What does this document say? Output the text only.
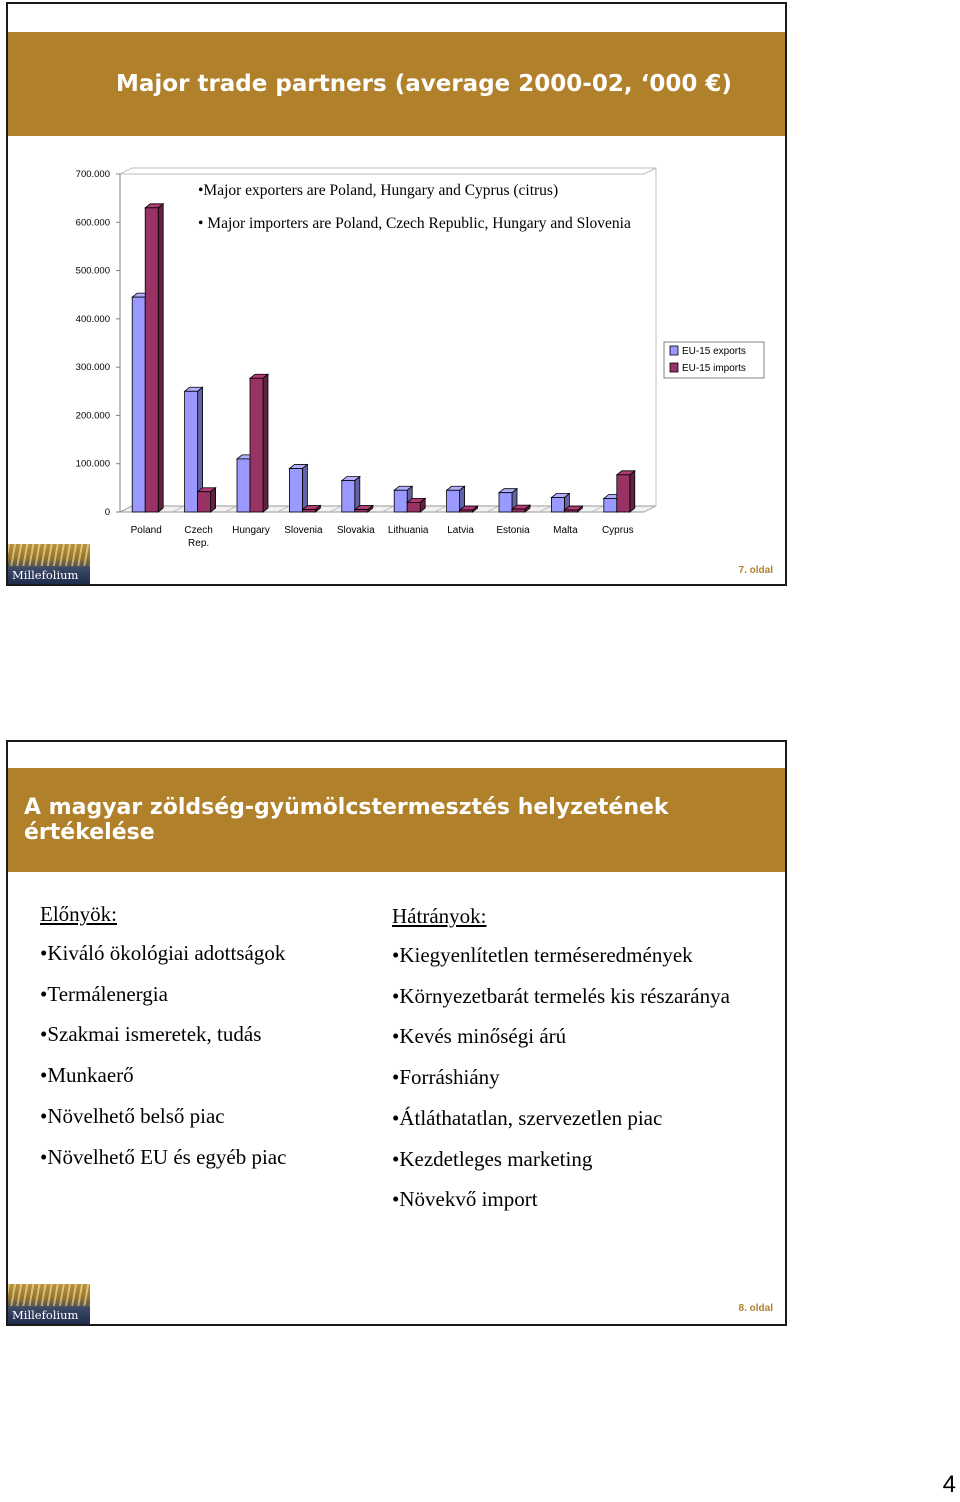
Major trade partners (average 2000-02, ‘000 €)
0
100.000
200.000
300.000
400.000
500.000
600.000
700.000
Poland Czech
Rep.
Hungary Slovenia Slovakia Lithuania Latvia Estonia Malta Cyprus
EU-15 exports
EU-15 imports
•Major exporters are Poland, Hungary and Cyprus (citrus)
• Major importers are Poland, Czech Republic, Hungary and Slovenia
Millefolium	7. oldal
A magyar zöldség-gyümölcstermesztés helyzetének értékelése
Előnyök:
•Kiváló ökológiai adottságok
•Termálenergia
•Szakmai ismeretek, tudás
•Munkaerő
•Növelhető belső piac
•Növelhető EU és egyéb piac
Hátrányok:
•Kiegyenlítetlen terméseredmények
•Környezetbarát termelés kis részaránya
•Kevés minőségi árú
•Forráshiány
•Átláthatatlan, szervezetlen piac
•Kezdetleges marketing
•Növekvő import
Millefolium	8. oldal
4
